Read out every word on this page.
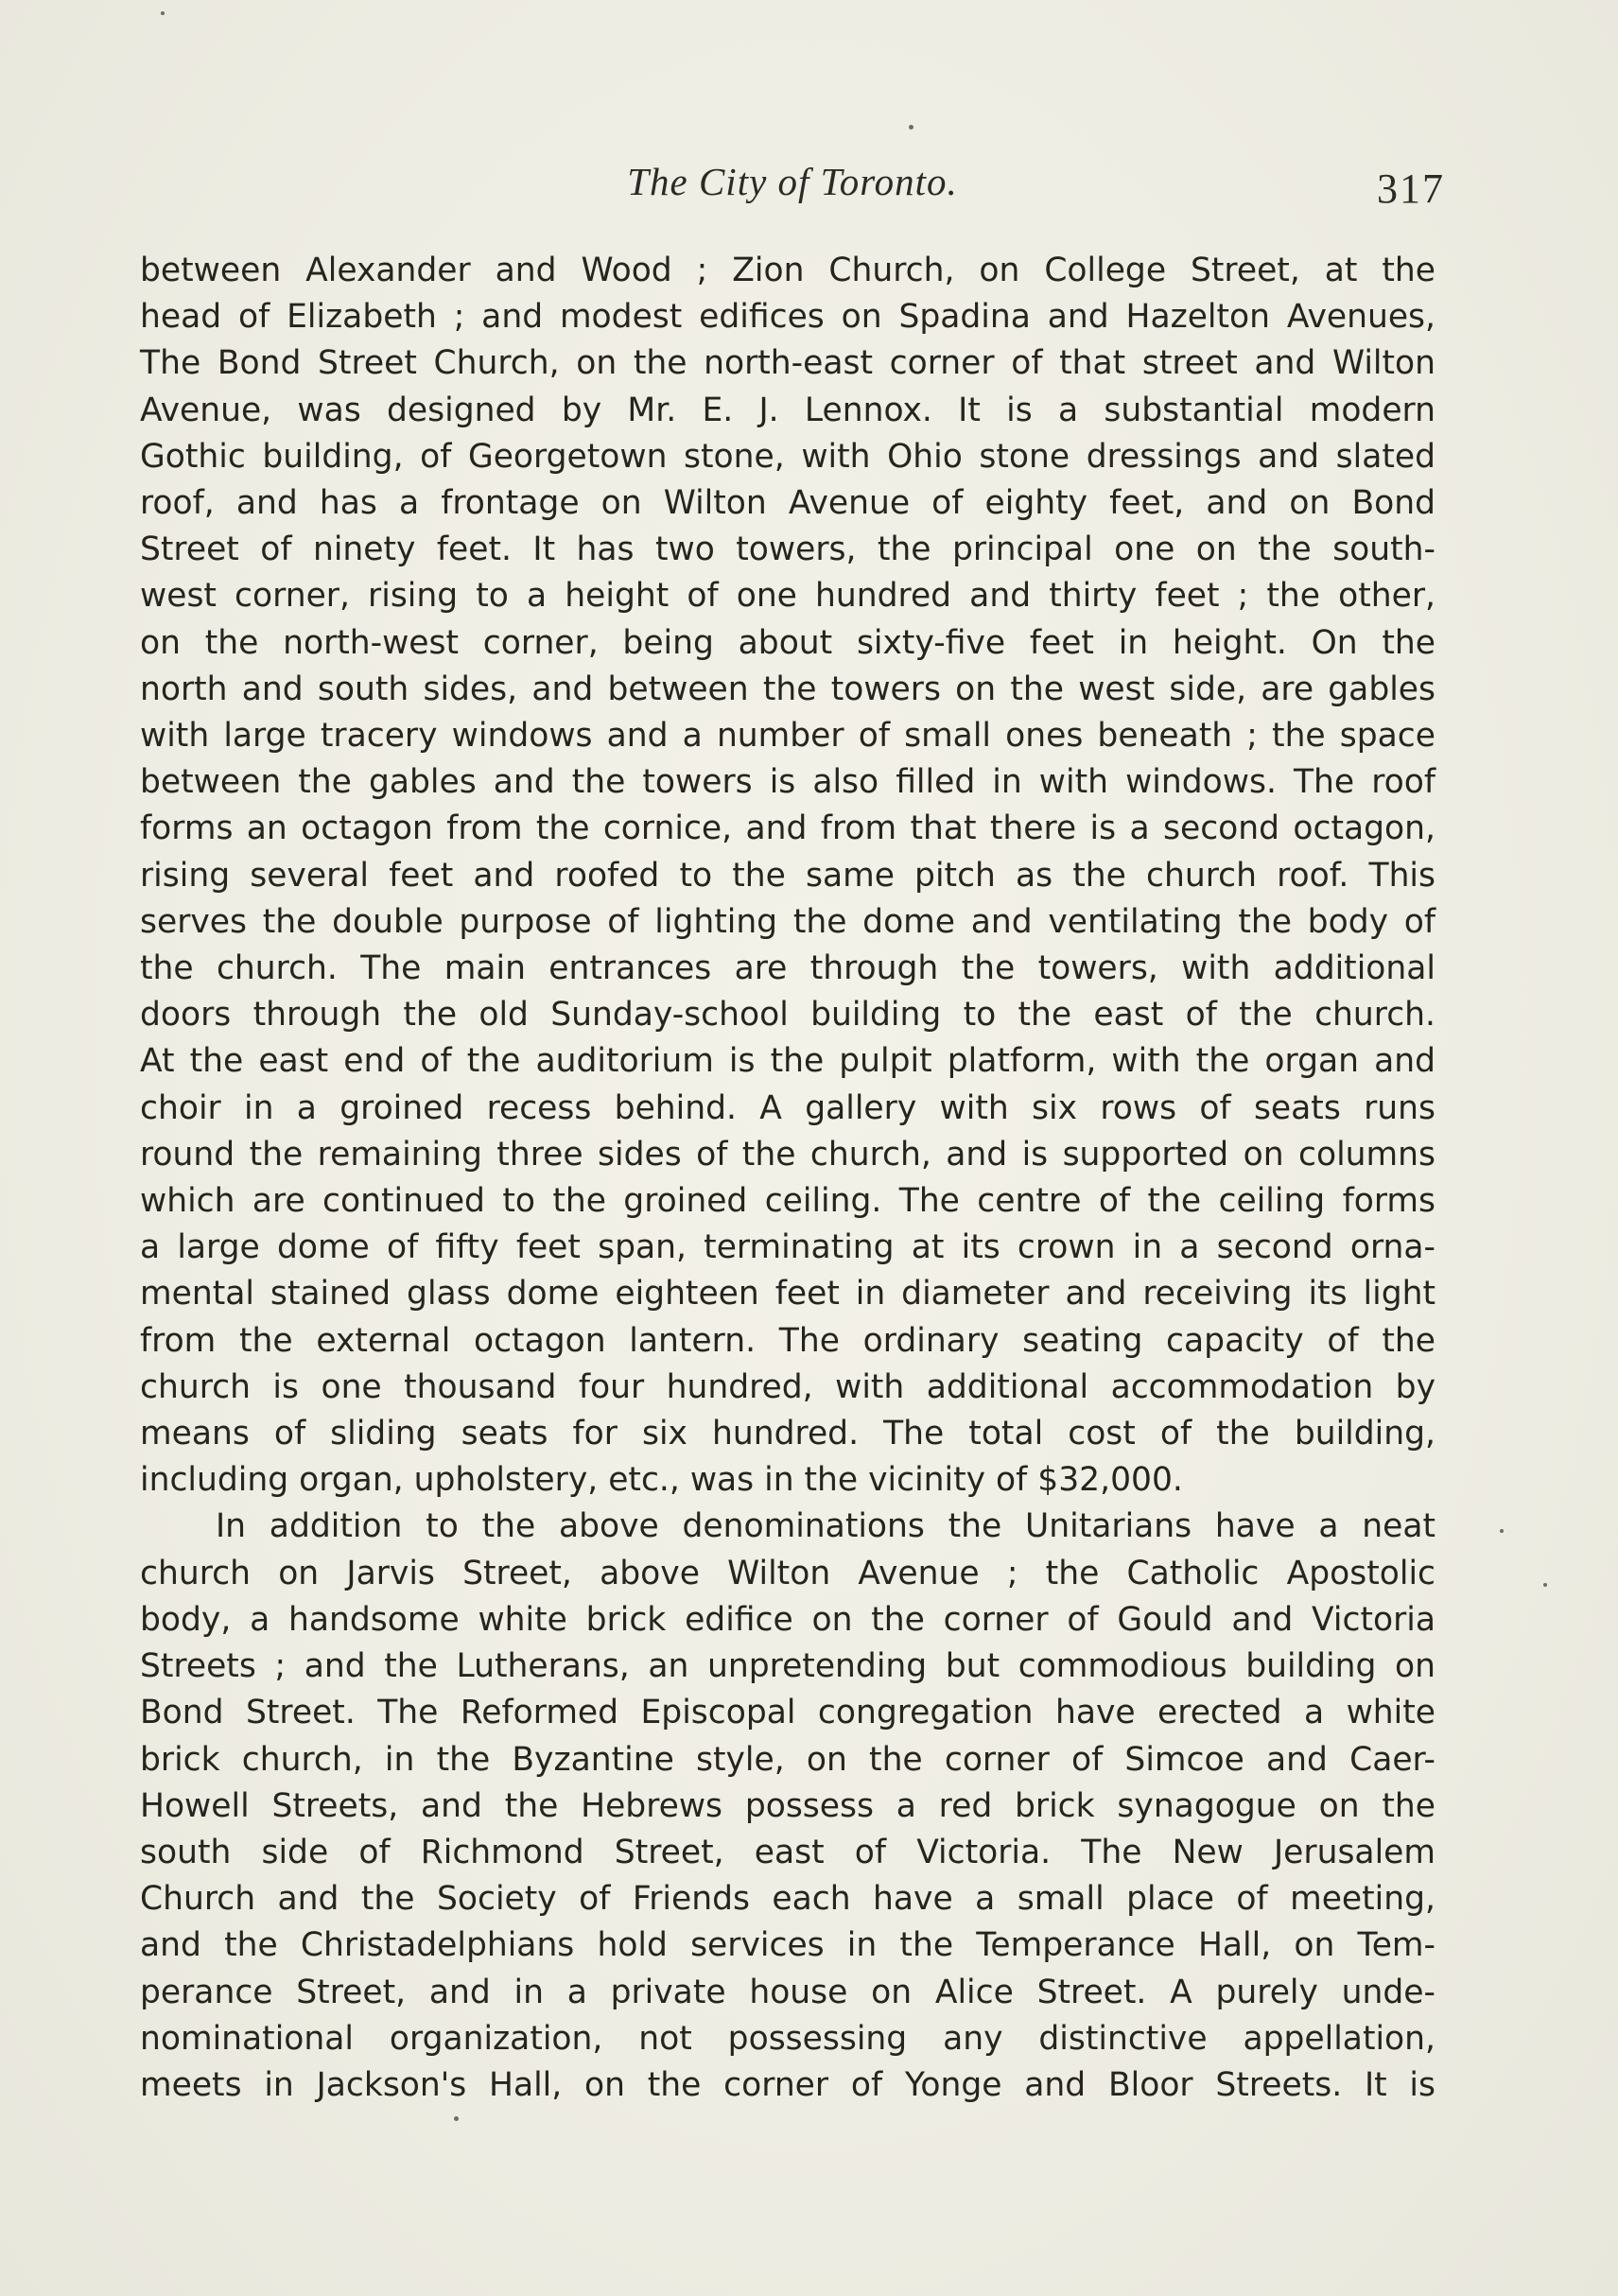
The City of Toronto.	317
between Alexander and Wood ; Zion Church, on College Street, at the
head of Elizabeth ; and modest edifices on Spadina and Hazelton Avenues,
The Bond Street Church, on the north-east corner of that street and Wilton
Avenue, was designed by Mr. E. J. Lennox. It is a substantial modern
Gothic building, of Georgetown stone, with Ohio stone dressings and slated
roof, and has a frontage on Wilton Avenue of eighty feet, and on Bond
Street of ninety feet. It has two towers, the principal one on the south-
west corner, rising to a height of one hundred and thirty feet ; the other,
on the north-west corner, being about sixty-five feet in height. On the
north and south sides, and between the towers on the west side, are gables
with large tracery windows and a number of small ones beneath ; the space
between the gables and the towers is also filled in with windows. The roof
forms an octagon from the cornice, and from that there is a second octagon,
rising several feet and roofed to the same pitch as the church roof. This
serves the double purpose of lighting the dome and ventilating the body of
the church. The main entrances are through the towers, with additional
doors through the old Sunday-school building to the east of the church.
At the east end of the auditorium is the pulpit platform, with the organ and
choir in a groined recess behind. A gallery with six rows of seats runs
round the remaining three sides of the church, and is supported on columns
which are continued to the groined ceiling. The centre of the ceiling forms
a large dome of fifty feet span, terminating at its crown in a second orna-
mental stained glass dome eighteen feet in diameter and receiving its light
from the external octagon lantern. The ordinary seating capacity of the
church is one thousand four hundred, with additional accommodation by
means of sliding seats for six hundred. The total cost of the building,
including organ, upholstery, etc., was in the vicinity of $32,000.
In addition to the above denominations the Unitarians have a neat
church on Jarvis Street, above Wilton Avenue ; the Catholic Apostolic
body, a handsome white brick edifice on the corner of Gould and Victoria
Streets ; and the Lutherans, an unpretending but commodious building on
Bond Street. The Reformed Episcopal congregation have erected a white
brick church, in the Byzantine style, on the corner of Simcoe and Caer-
Howell Streets, and the Hebrews possess a red brick synagogue on the
south side of Richmond Street, east of Victoria. The New Jerusalem
Church and the Society of Friends each have a small place of meeting,
and the Christadelphians hold services in the Temperance Hall, on Tem-
perance Street, and in a private house on Alice Street. A purely unde-
nominational organization, not possessing any distinctive appellation,
meets in Jackson's Hall, on the corner of Yonge and Bloor Streets. It is
